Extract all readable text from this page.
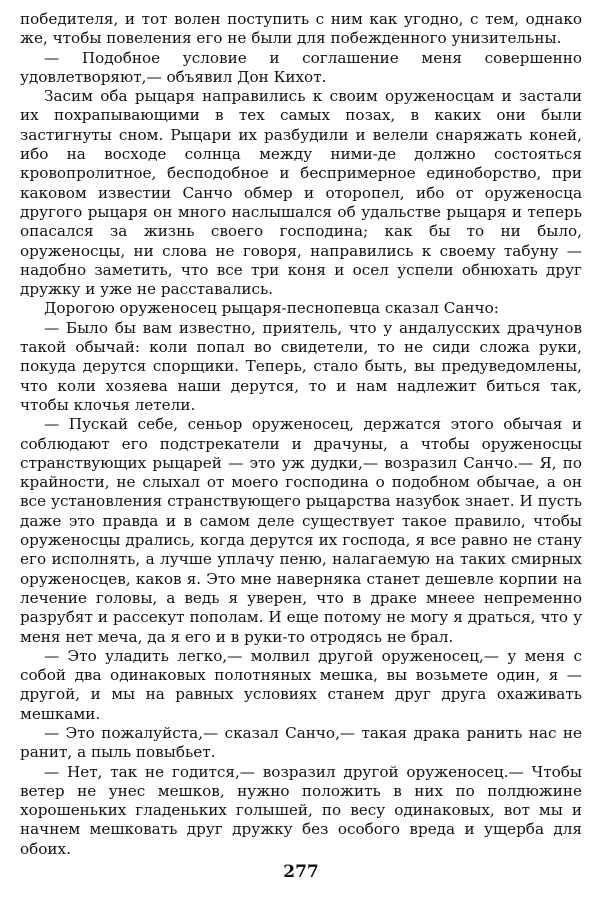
победителя, и тот волен поступить с ним как угодно, с тем, однако же, чтобы повеления его не были для побежденного унизительны.

— Подобное условие и соглашение меня совершенно удовлетворяют,— объявил Дон Кихот.

Засим оба рыцаря направились к своим оруженосцам и застали их похрапывающими в тех самых позах, в каких они были застигнуты сном. Рыцари их разбудили и велели снаряжать коней, ибо на восходе солнца между ними-де должно состояться кровопролитное, бесподобное и беспримерное единоборство, при каковом известии Санчо обмер и оторопел, ибо от оруженосца другого рыцаря он много наслышался об удальстве рыцаря и теперь опасался за жизнь своего господина; как бы то ни было, оруженосцы, ни слова не говоря, направились к своему табуну — надобно заметить, что все три коня и осел успели обнюхать друг дружку и уже не расставались.

Дорогою оруженосец рыцаря-песнопевца сказал Санчо:

— Было бы вам известно, приятель, что у андалусских драчунов такой обычай: коли попал во свидетели, то не сиди сложа руки, покуда дерутся спорщики. Теперь, стало быть, вы предуведомлены, что коли хозяева наши дерутся, то и нам надлежит биться так, чтобы клочья летели.

— Пускай себе, сеньор оруженосец, держатся этого обычая и соблюдают его подстрекатели и драчуны, а чтобы оруженосцы странствующих рыцарей — это уж дудки,— возразил Санчо.— Я, по крайности, не слыхал от моего господина о подобном обычае, а он все установления странствующего рыцарства назубок знает. И пусть даже это правда и в самом деле существует такое правило, чтобы оруженосцы дрались, когда дерутся их господа, я все равно не стану его исполнять, а лучше уплачу пеню, налагаемую на таких смирных оруженосцев, каков я. Это мне наверняка станет дешевле корпии на лечение головы, а ведь я уверен, что в драке мнеее непременно разрубят и рассекут пополам. И еще потому не могу я драться, что у меня нет меча, да я его и в руки-то отродясь не брал.

— Это уладить легко,— молвил другой оруженосец,— у меня с собой два одинаковых полотняных мешка, вы возьмете один, я — другой, и мы на равных условиях станем друг друга охаживать мешками.

— Это пожалуйста,— сказал Санчо,— такая драка ранить нас не ранит, а пыль повыбьет.

— Нет, так не годится,— возразил другой оруженосец.— Чтобы ветер не унес мешков, нужно положить в них по полдюжине хорошеньких гладеньких голышей, по весу одинаковых, вот мы и начнем мешковать друг дружку без особого вреда и ущерба для обоих.

277
